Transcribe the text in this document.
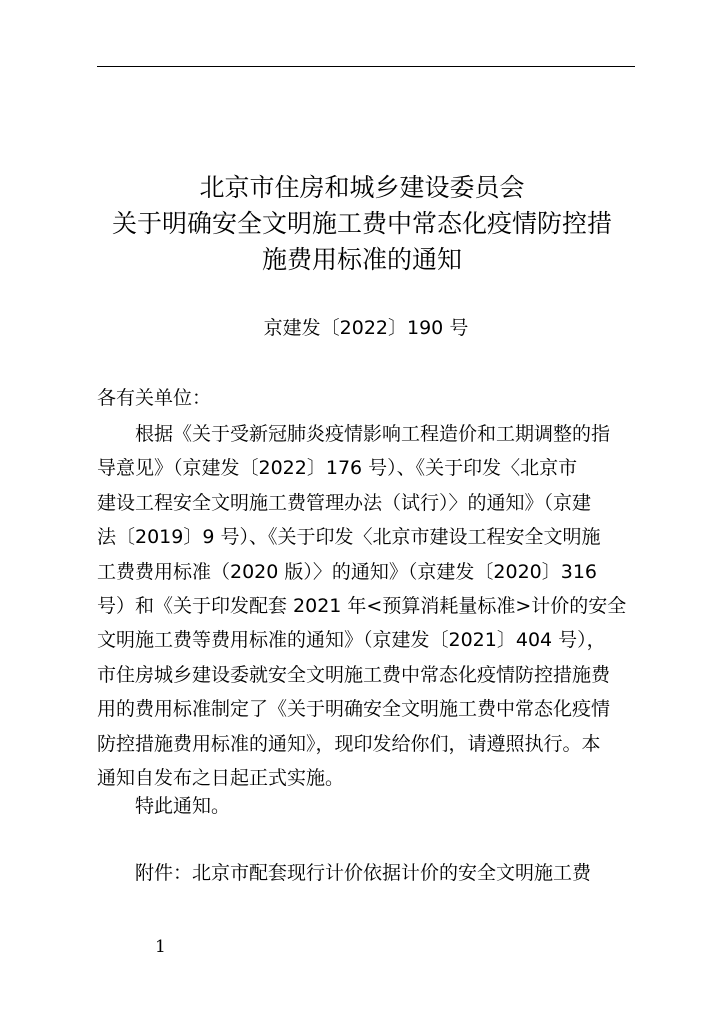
北京市住房和城乡建设委员会
关于明确安全文明施工费中常态化疫情防控措
施费用标准的通知
京建发〔2022〕190 号
各有关单位：
根据《关于受新冠肺炎疫情影响工程造价和工期调整的指
导意见》（京建发〔2022〕176 号）、《关于印发〈北京市
建设工程安全文明施工费管理办法（试行）〉的通知》（京建
法〔2019〕9 号）、《关于印发〈北京市建设工程安全文明施
工费费用标准（2020 版）〉的通知》（京建发〔2020〕316
号）和《关于印发配套 2021 年<预算消耗量标准>计价的安全
文明施工费等费用标准的通知》（京建发〔2021〕404 号），
市住房城乡建设委就安全文明施工费中常态化疫情防控措施费
用的费用标准制定了《关于明确安全文明施工费中常态化疫情
防控措施费用标准的通知》，现印发给你们，请遵照执行。本
通知自发布之日起正式实施。
特此通知。
附件：北京市配套现行计价依据计价的安全文明施工费
1
